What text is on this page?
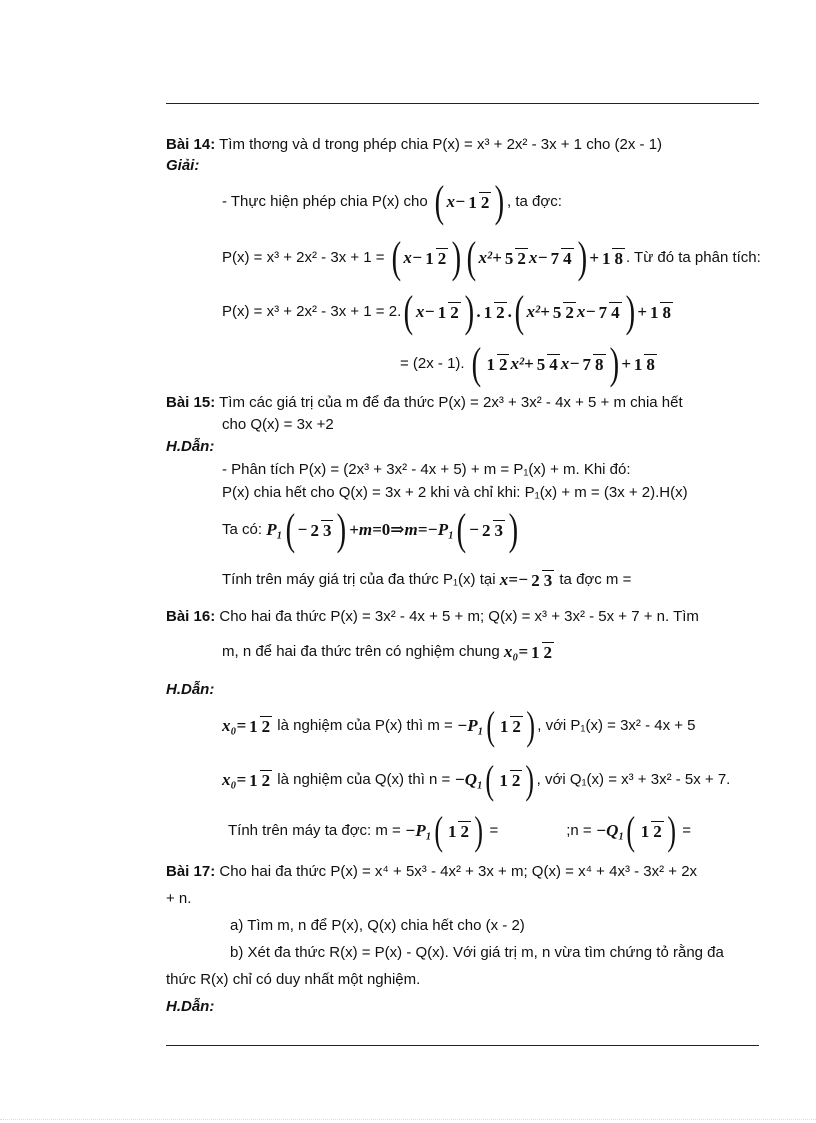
Bài 14: Tìm thơng và d trong phép chia P(x) = x³ + 2x² - 3x + 1 cho (2x - 1)
Giải:
- Thực hiện phép chia P(x) cho
( x − 1 2 ) , ta đợc:
P(x) = x³ + 2x² - 3x + 1 =
( x − 1 2 ) ( x² + 5 2 x − 7 4 ) + 1 8 . Từ đó ta phân tích:
P(x) = x³ + 2x² - 3x + 1 = 2. ( x − 1 2 ) . 1 2 . ( x² + 5 2 x − 7 4 ) + 1 8
= (2x - 1).
( 1 2 x² + 5 4 x − 7 8 ) + 1 8
Bài 15: Tìm các giá trị của m để đa thức P(x) = 2x³ + 3x² - 4x + 5 + m chia hết
cho Q(x) = 3x +2
H.Dẫn:
- Phân tích P(x) = (2x³ + 3x² - 4x + 5) + m = P₁(x) + m. Khi đó:
P(x) chia hết cho Q(x) = 3x + 2 khi và chỉ khi: P₁(x) + m = (3x + 2).H(x)
Ta có:
P₁ ( − 2 3 ) + m = 0 ⇒ m = − P₁ ( − 2 3 )
Tính trên máy giá trị của đa thức P₁(x) tại
x = − 2 3
ta đợc m =
Bài 16: Cho hai đa thức P(x) = 3x² - 4x + 5 + m; Q(x) = x³ + 3x² - 5x + 7 + n. Tìm
m, n để hai đa thức trên có nghiệm chung
x₀ = 1 2
H.Dẫn:
x₀ = 1 2
là nghiệm của P(x) thì m =
− P₁ ( 1 2 ) , với P₁(x) = 3x² - 4x + 5
x₀ = 1 2
là nghiệm của Q(x) thì n =
− Q₁ ( 1 2 ) , với Q₁(x) = x³ + 3x² - 5x + 7.
Tính trên máy ta đợc: m =
− P₁ ( 1 2 )
=	;n =
− Q₁ ( 1 2 )
=
Bài 17: Cho hai đa thức P(x) = x⁴ + 5x³ - 4x² + 3x + m; Q(x) = x⁴ + 4x³ - 3x² + 2x
+ n.
a) Tìm m, n để P(x), Q(x) chia hết cho (x - 2)
b) Xét đa thức R(x) = P(x) - Q(x). Với giá trị m, n vừa tìm chứng tỏ rằng đa
thức R(x) chỉ có duy nhất một nghiệm.
H.Dẫn:
